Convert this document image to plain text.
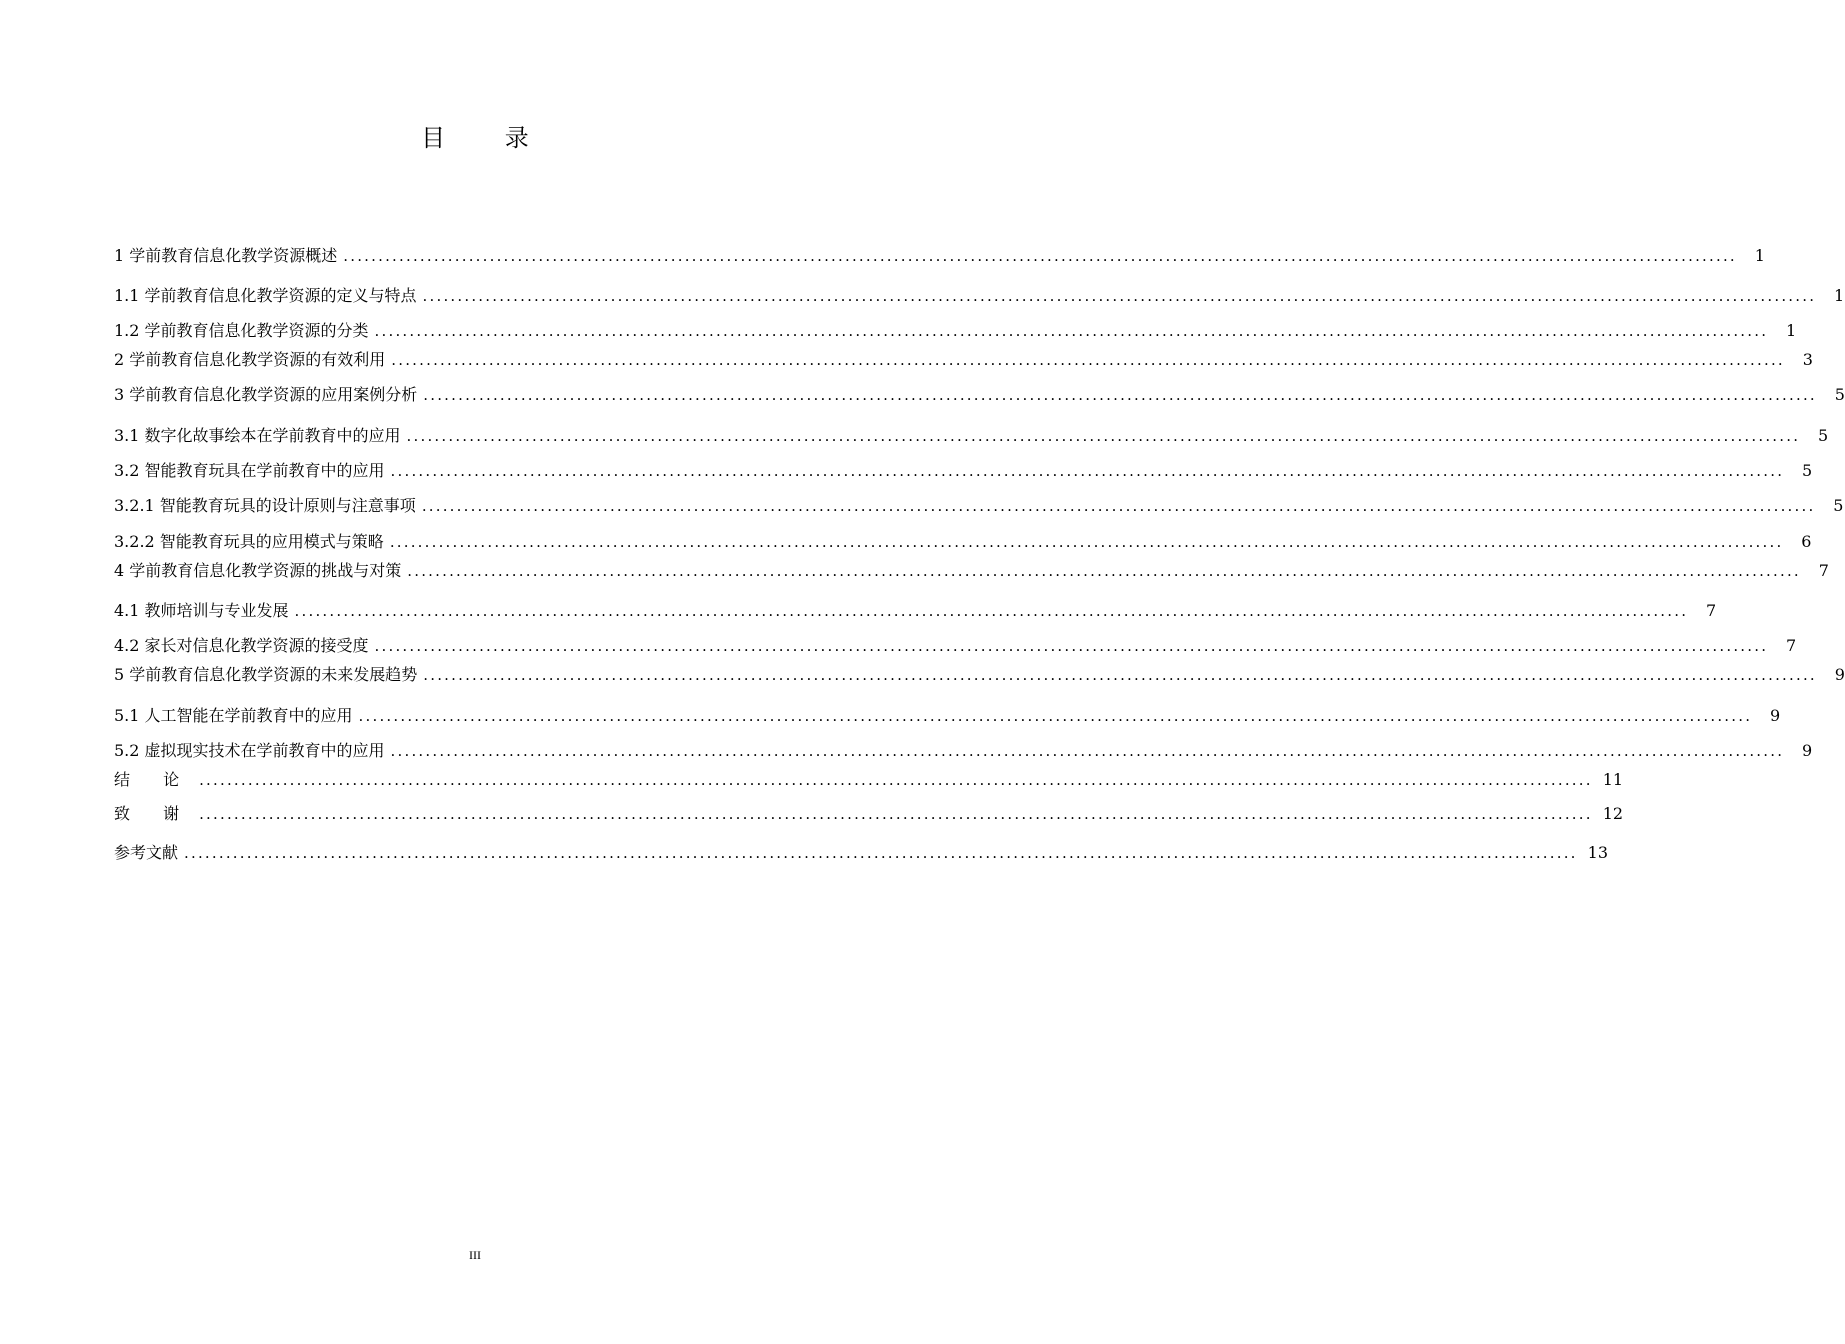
目 录
1 学前教育信息化教学资源概述 ........................................................................................................................................................................................................	1
1.1 学前教育信息化教学资源的定义与特点 ........................................................................................................................................................................................................	1
1.2 学前教育信息化教学资源的分类 ........................................................................................................................................................................................................	1
2 学前教育信息化教学资源的有效利用 ........................................................................................................................................................................................................	3
3 学前教育信息化教学资源的应用案例分析 ........................................................................................................................................................................................................	5
3.1 数字化故事绘本在学前教育中的应用 ........................................................................................................................................................................................................	5
3.2 智能教育玩具在学前教育中的应用 ........................................................................................................................................................................................................	5
3.2.1 智能教育玩具的设计原则与注意事项 ........................................................................................................................................................................................................	5
3.2.2 智能教育玩具的应用模式与策略 ........................................................................................................................................................................................................	6
4 学前教育信息化教学资源的挑战与对策 ........................................................................................................................................................................................................	7
4.1 教师培训与专业发展 ........................................................................................................................................................................................................	7
4.2 家长对信息化教学资源的接受度 ........................................................................................................................................................................................................	7
5 学前教育信息化教学资源的未来发展趋势 ........................................................................................................................................................................................................	9
5.1 人工智能在学前教育中的应用 ........................................................................................................................................................................................................	9
5.2 虚拟现实技术在学前教育中的应用 ........................................................................................................................................................................................................	9
结 论 ........................................................................................................................................................................................................ 11
致 谢 ........................................................................................................................................................................................................ 12
参考文献 ........................................................................................................................................................................................................ 13
III
